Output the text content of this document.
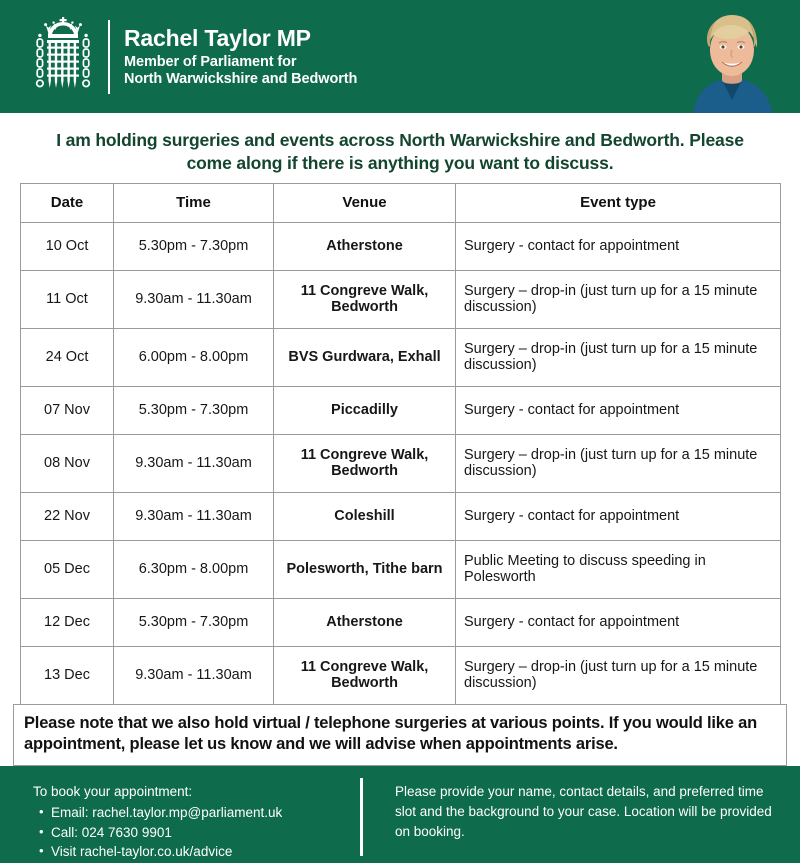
Rachel Taylor MP
Member of Parliament for
North Warwickshire and Bedworth
I am holding surgeries and events across North Warwickshire and Bedworth. Please come along if there is anything you want to discuss.
Date	Time	Venue	Event type
10 Oct	5.30pm - 7.30pm	Atherstone	Surgery - contact for appointment
11 Oct	9.30am - 11.30am	11 Congreve Walk, Bedworth	Surgery – drop-in (just turn up for a 15 minute discussion)
24 Oct	6.00pm - 8.00pm	BVS Gurdwara, Exhall	Surgery – drop-in (just turn up for a 15 minute discussion)
07 Nov	5.30pm - 7.30pm	Piccadilly	Surgery - contact for appointment
08 Nov	9.30am - 11.30am	11 Congreve Walk, Bedworth	Surgery – drop-in (just turn up for a 15 minute discussion)
22 Nov	9.30am - 11.30am	Coleshill	Surgery - contact for appointment
05 Dec	6.30pm - 8.00pm	Polesworth, Tithe barn	Public Meeting to discuss speeding in Polesworth
12 Dec	5.30pm - 7.30pm	Atherstone	Surgery - contact for appointment
13 Dec	9.30am - 11.30am	11 Congreve Walk, Bedworth	Surgery – drop-in (just turn up for a 15 minute discussion)
Please note that we also hold virtual / telephone surgeries at various points. If you would like an appointment, please let us know and we will advise when appointments arise.

To book your appointment:

• Email: rachel.taylor.mp@parliament.uk
• Call: 024 7630 9901
• Visit rachel-taylor.co.uk/advice
Please provide your name, contact details, and preferred time slot and the background to your case. Location will be provided on booking.
